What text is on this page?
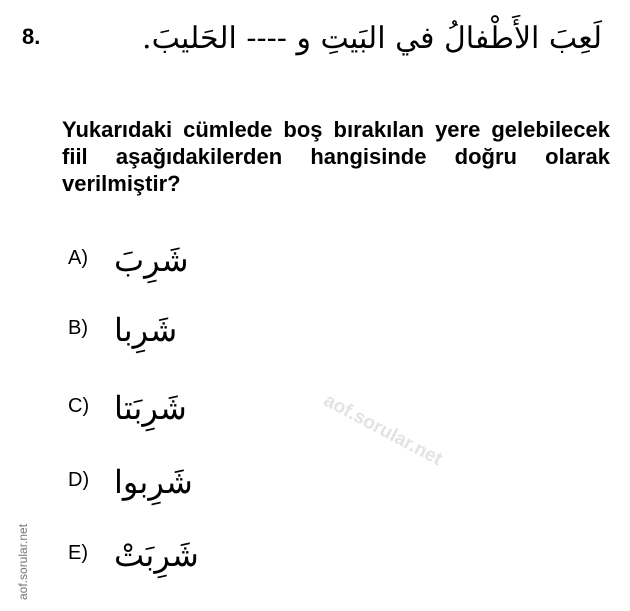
8.	لَعِبَ الأَطْفالُ في البَيتِ و ---- الحَليبَ.
Yukarıdaki cümlede boş bırakılan yere gelebilecek fiil aşağıdakilerden hangisinde doğru olarak verilmiştir?
A) شَرِبَ
B) شَرِبا
C) شَرِبَتا
D) شَرِبوا
E) شَرِبَتْ
aof.sorular.net
aof.sorular.net
